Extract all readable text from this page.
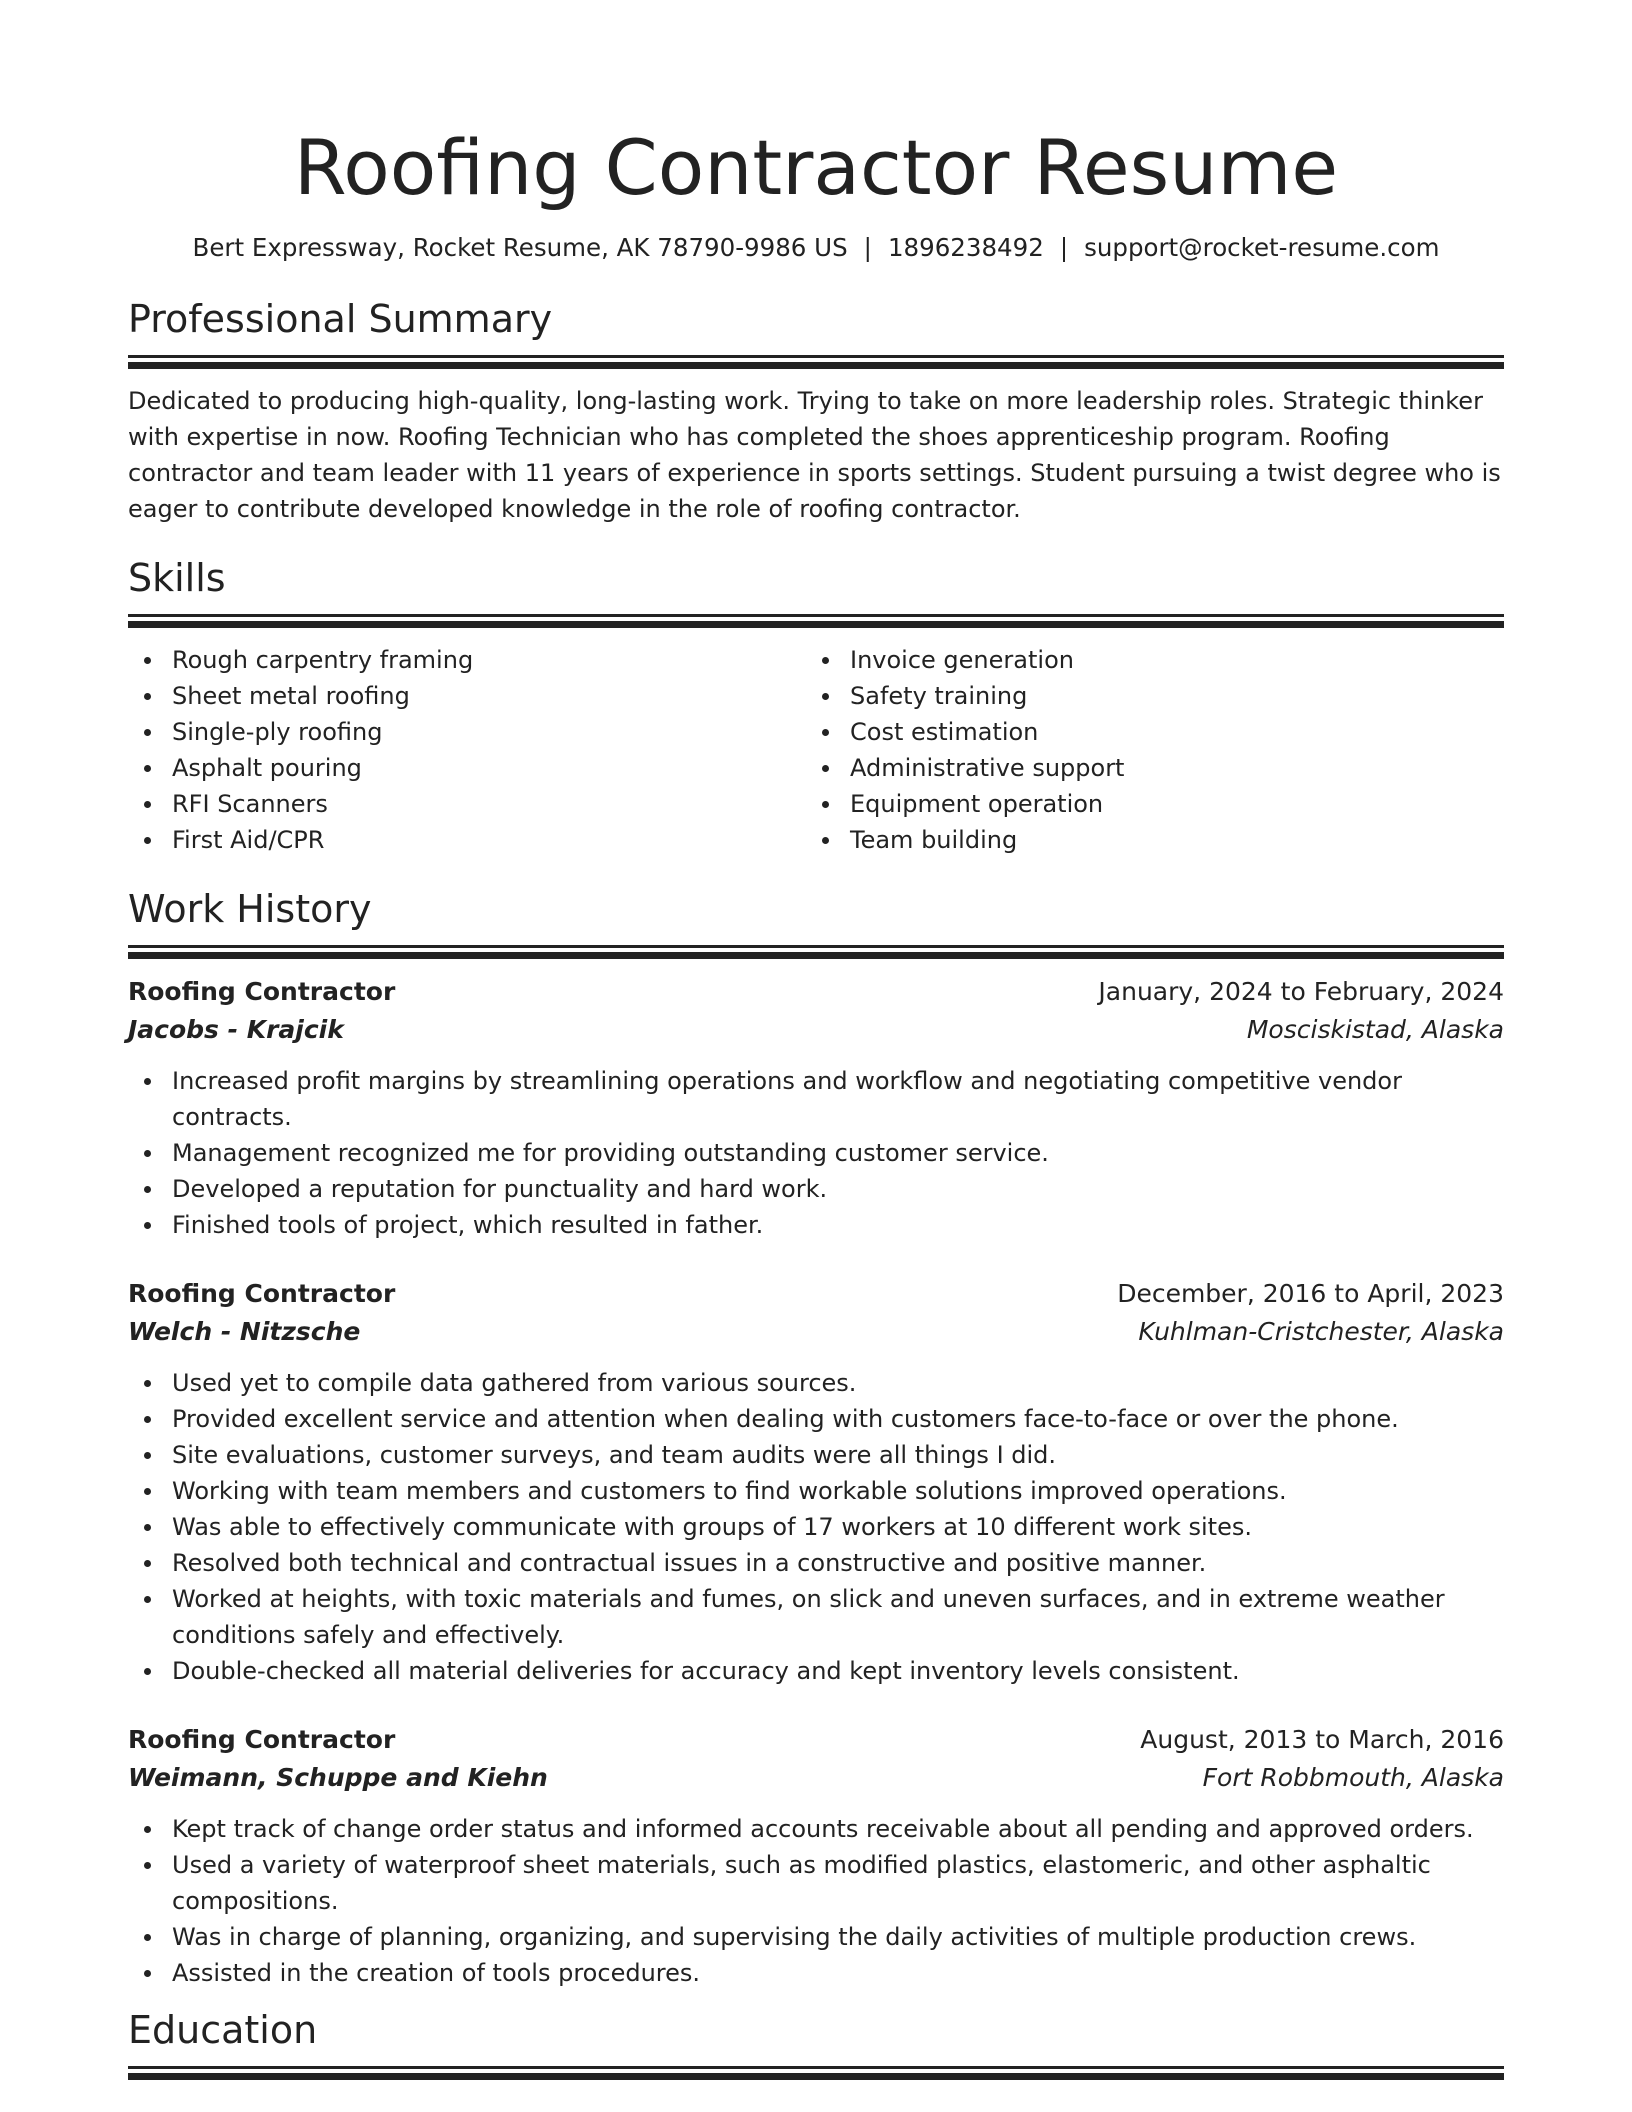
Roofing Contractor Resume
Bert Expressway, Rocket Resume, AK 78790-9986 US | 1896238492 | support@rocket-resume.com
Professional Summary
Dedicated to producing high-quality, long-lasting work. Trying to take on more leadership roles. Strategic thinker with expertise in now. Roofing Technician who has completed the shoes apprenticeship program. Roofing contractor and team leader with 11 years of experience in sports settings. Student pursuing a twist degree who is eager to contribute developed knowledge in the role of roofing contractor.
Skills
Rough carpentry framing
Sheet metal roofing
Single-ply roofing
Asphalt pouring
RFI Scanners
First Aid/CPR
Invoice generation
Safety training
Cost estimation
Administrative support
Equipment operation
Team building
Work History
Roofing Contractor	January, 2024 to February, 2024
Jacobs - Krajcik	Mosciskistad, Alaska
Increased profit margins by streamlining operations and workflow and negotiating competitive vendor contracts.
Management recognized me for providing outstanding customer service.
Developed a reputation for punctuality and hard work.
Finished tools of project, which resulted in father.
Roofing Contractor	December, 2016 to April, 2023
Welch - Nitzsche	Kuhlman-Cristchester, Alaska
Used yet to compile data gathered from various sources.
Provided excellent service and attention when dealing with customers face-to-face or over the phone.
Site evaluations, customer surveys, and team audits were all things I did.
Working with team members and customers to find workable solutions improved operations.
Was able to effectively communicate with groups of 17 workers at 10 different work sites.
Resolved both technical and contractual issues in a constructive and positive manner.
Worked at heights, with toxic materials and fumes, on slick and uneven surfaces, and in extreme weather conditions safely and effectively.
Double-checked all material deliveries for accuracy and kept inventory levels consistent.
Roofing Contractor	August, 2013 to March, 2016
Weimann, Schuppe and Kiehn	Fort Robbmouth, Alaska
Kept track of change order status and informed accounts receivable about all pending and approved orders.
Used a variety of waterproof sheet materials, such as modified plastics, elastomeric, and other asphaltic compositions.
Was in charge of planning, organizing, and supervising the daily activities of multiple production crews.
Assisted in the creation of tools procedures.
Education
